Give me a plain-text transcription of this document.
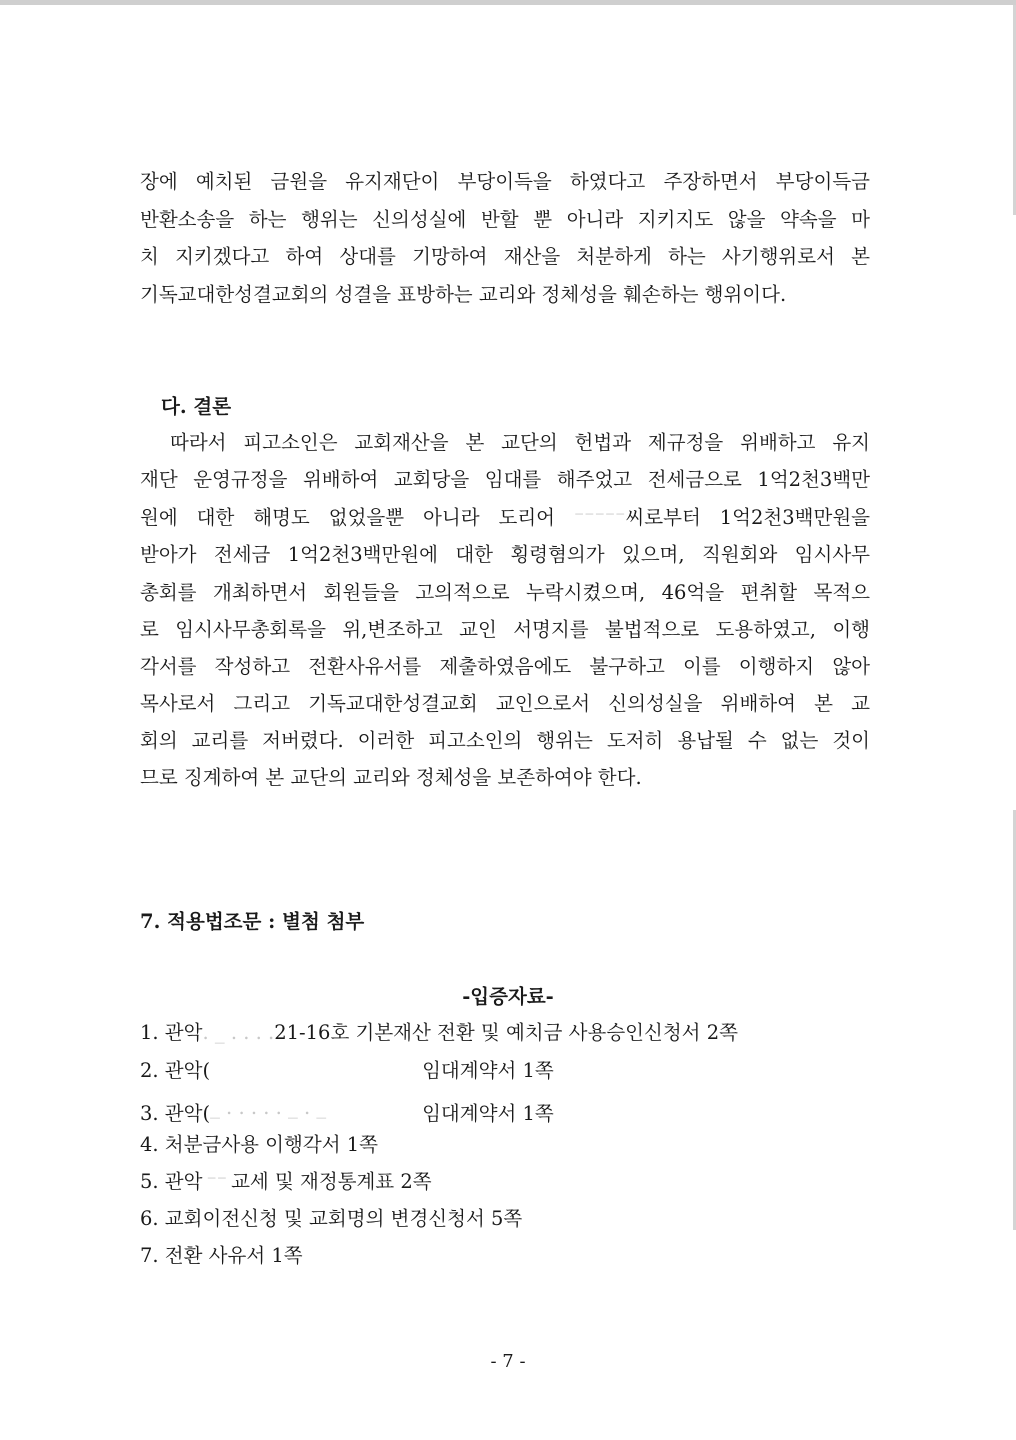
장에 예치된 금원을 유지재단이 부당이득을 하였다고 주장하면서 부당이득금

반환소송을 하는 행위는 신의성실에 반할 뿐 아니라 지키지도 않을 약속을 마

치 지키겠다고 하여 상대를 기망하여 재산을 처분하게 하는 사기행위로서 본

기독교대한성결교회의 성결을 표방하는 교리와 정체성을 훼손하는 행위이다.

다. 결론

따라서 피고소인은 교회재산을 본 교단의 헌법과 제규정을 위배하고 유지

재단 운영규정을 위배하여 교회당을 임대를 해주었고 전세금으로 1억2천3백만

원에 대한 해명도 없었을뿐 아니라 도리어 ⁻⁻⁻⁻⁻씨로부터 1억2천3백만원을

받아가 전세금 1억2천3백만원에 대한 횡령혐의가 있으며, 직원회와 임시사무

총회를 개최하면서 회원들을 고의적으로 누락시켰으며, 46억을 편취할 목적으

로 임시사무총회록을 위,변조하고 교인 서명지를 불법적으로 도용하였고, 이행

각서를 작성하고 전환사유서를 제출하였음에도 불구하고 이를 이행하지 않아

목사로서 그리고 기독교대한성결교회 교인으로서 신의성실을 위배하여 본 교

회의 교리를 저버렸다. 이러한 피고소인의 행위는 도저히 용납될 수 없는 것이

므로 징계하여 본 교단의 교리와 정체성을 보존하여야 한다.

7. 적용법조문 : 별첨 첨부

-입증자료-

1. 관악. _ . . . .21-16호 기본재산 전환 및 예치금 사용승인신청서 2쪽

2. 관악(	임대계약서 1쪽

3. 관악(_ . . . . . _ . _	임대계약서 1쪽

4. 처분금사용 이행각서 1쪽

5. 관악 ⁻⁻ 교세 및 재정통계표 2쪽

6. 교회이전신청 및 교회명의 변경신청서 5쪽

7. 전환 사유서 1쪽

- 7 -
